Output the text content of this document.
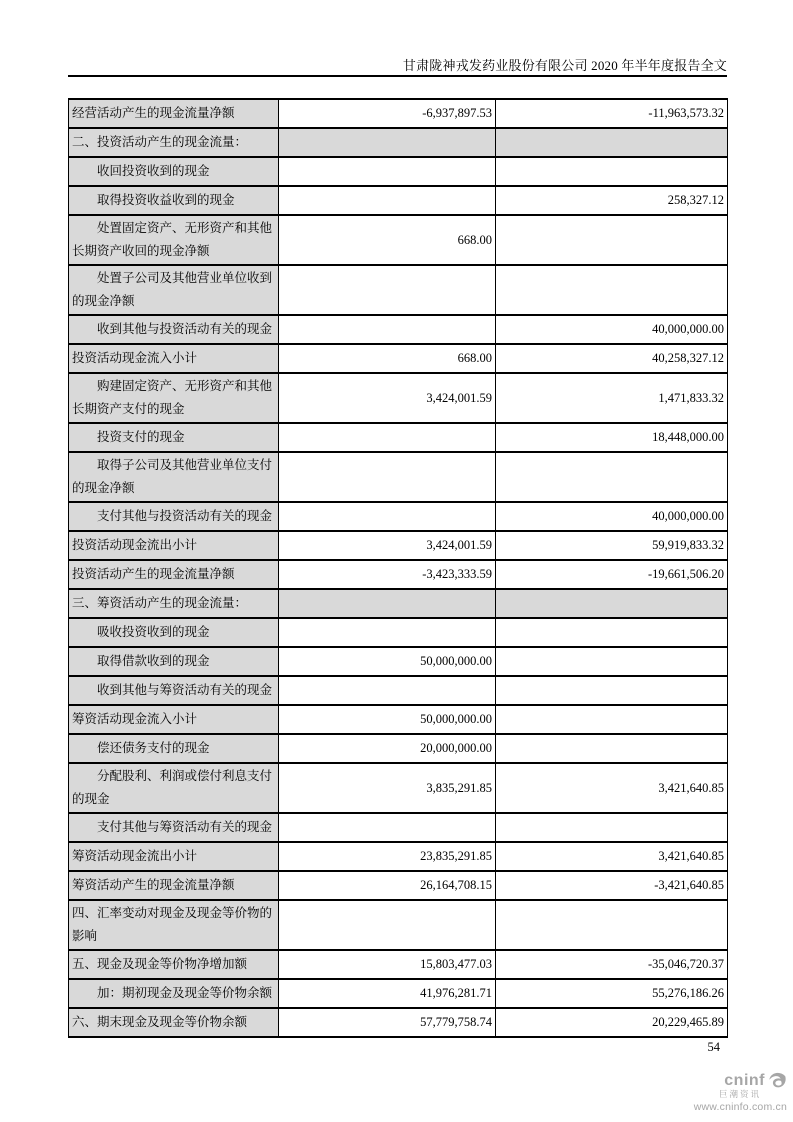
甘肃陇神戎发药业股份有限公司 2020 年半年度报告全文
经营活动产生的现金流量净额	-6,937,897.53	-11,963,573.32
二、投资活动产生的现金流量：		
收回投资收到的现金		
取得投资收益收到的现金		258,327.12
处置固定资产、无形资产和其他长期资产收回的现金净额	668.00	
处置子公司及其他营业单位收到的现金净额		
收到其他与投资活动有关的现金		40,000,000.00
投资活动现金流入小计	668.00	40,258,327.12
购建固定资产、无形资产和其他长期资产支付的现金	3,424,001.59	1,471,833.32
投资支付的现金		18,448,000.00
取得子公司及其他营业单位支付的现金净额		
支付其他与投资活动有关的现金		40,000,000.00
投资活动现金流出小计	3,424,001.59	59,919,833.32
投资活动产生的现金流量净额	-3,423,333.59	-19,661,506.20
三、筹资活动产生的现金流量：		
吸收投资收到的现金		
取得借款收到的现金	50,000,000.00	
收到其他与筹资活动有关的现金		
筹资活动现金流入小计	50,000,000.00	
偿还债务支付的现金	20,000,000.00	
分配股利、利润或偿付利息支付的现金	3,835,291.85	3,421,640.85
支付其他与筹资活动有关的现金		
筹资活动现金流出小计	23,835,291.85	3,421,640.85
筹资活动产生的现金流量净额	26,164,708.15	-3,421,640.85
四、汇率变动对现金及现金等价物的影响		
五、现金及现金等价物净增加额	15,803,477.03	-35,046,720.37
加：期初现金及现金等价物余额	41,976,281.71	55,276,186.26
六、期末现金及现金等价物余额	57,779,758.74	20,229,465.89
54
cninf
巨潮资讯
www.cninfo.com.cn
